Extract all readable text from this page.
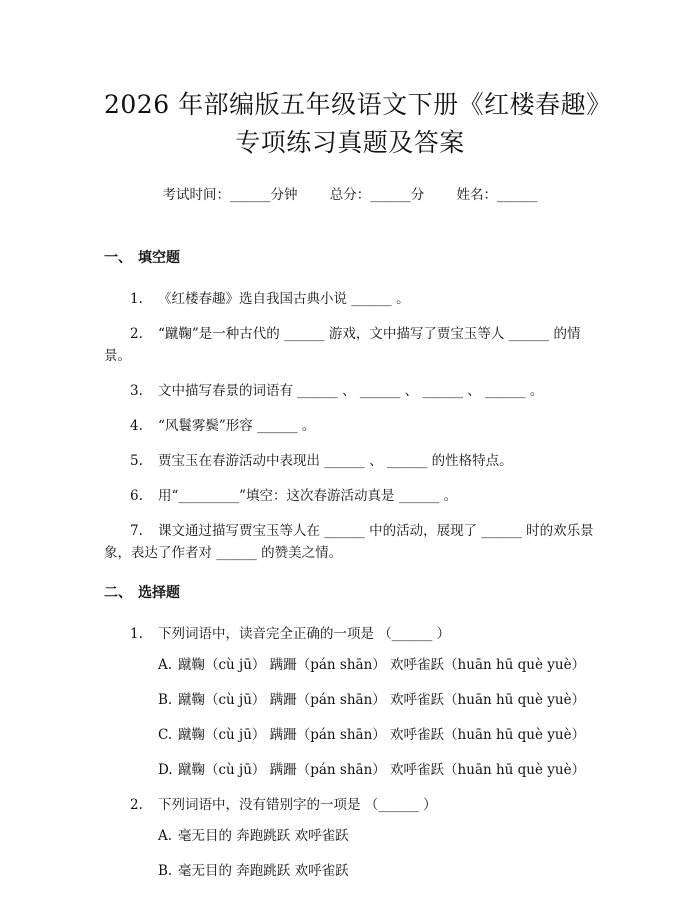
2026 年部编版五年级语文下册《红楼春趣》
专项练习真题及答案
考试时间：______分钟 总分：______分 姓名：______
一、 填空题
1. 《红楼春趣》选自我国古典小说 ______ 。
2. “蹴鞠”是一种古代的 ______ 游戏，文中描写了贾宝玉等人 ______ 的情景。
3. 文中描写春景的词语有 ______ 、 ______ 、 ______ 、 ______ 。
4. “风鬟雾鬓”形容 ______ 。
5. 贾宝玉在春游活动中表现出 ______ 、 ______ 的性格特点。
6. 用“_________”填空：这次春游活动真是 ______ 。
7. 课文通过描写贾宝玉等人在 ______ 中的活动，展现了 ______ 时的欢乐景象，表达了作者对 ______ 的赞美之情。
二、 选择题
1. 下列词语中，读音完全正确的一项是 （______ ）
A. 蹴鞠（cù jū） 蹒跚（pán shān） 欢呼雀跃（huān hū què yuè）
B. 蹴鞠（cù jū） 蹒跚（pán shān） 欢呼雀跃（huān hū què yuè）
C. 蹴鞠（cù jū） 蹒跚（pán shān） 欢呼雀跃（huān hū què yuè）
D. 蹴鞠（cù jū） 蹒跚（pán shān） 欢呼雀跃（huān hū què yuè）
2. 下列词语中，没有错别字的一项是 （______ ）
A. 毫无目的 奔跑跳跃 欢呼雀跃
B. 毫无目的 奔跑跳跃 欢呼雀跃
